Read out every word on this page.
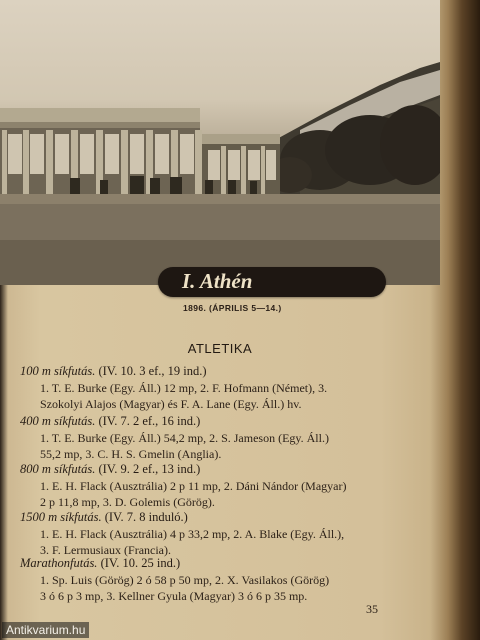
I. Athén
1896. (ÁPRILIS 5—14.)
ATLETIKA
100 m síkfutás. (IV. 10. 3 ef., 19 ind.)
1. T. E. Burke (Egy. Áll.) 12 mp, 2. F. Hofmann (Német), 3.
Szokolyi Alajos (Magyar) és F. A. Lane (Egy. Áll.) hv.
400 m síkfutás. (IV. 7. 2 ef., 16 ind.)
1. T. E. Burke (Egy. Áll.) 54,2 mp, 2. S. Jameson (Egy. Áll.)
55,2 mp, 3. C. H. S. Gmelin (Anglia).
800 m síkfutás. (IV. 9. 2 ef., 13 ind.)
1. E. H. Flack (Ausztrália) 2 p 11 mp, 2. Dáni Nándor (Magyar)
2 p 11,8 mp, 3. D. Golemis (Görög).
1500 m síkfutás. (IV. 7. 8 induló.)
1. E. H. Flack (Ausztrália) 4 p 33,2 mp, 2. A. Blake (Egy. Áll.),
3. F. Lermusiaux (Francia).
Marathonfutás. (IV. 10. 25 ind.)
1. Sp. Luis (Görög) 2 ó 58 p 50 mp, 2. X. Vasilakos (Görög)
3 ó 6 p 3 mp, 3. Kellner Gyula (Magyar) 3 ó 6 p 35 mp.
35
Antikvarium.hu
